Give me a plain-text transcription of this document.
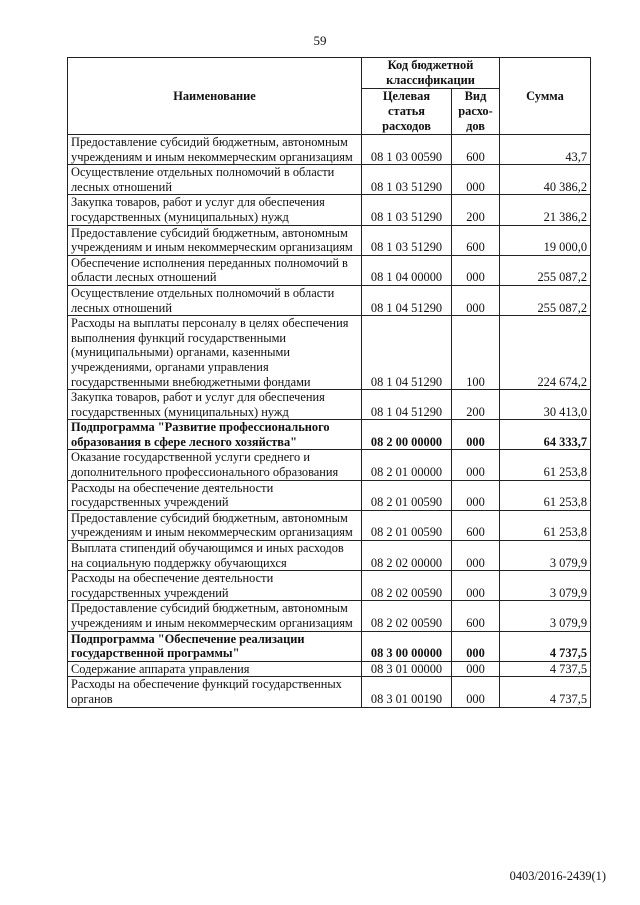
59
Наименование	Код бюджетной классификации		Сумма
	Целевая статья расходов	Вид расхо-дов	
Предоставление субсидий бюджетным, автономным учреждениям и иным некоммерческим организациям	08 1 03 00590	600	43,7
Осуществление отдельных полномочий в области лесных отношений	08 1 03 51290	000	40 386,2
Закупка товаров, работ и услуг для обеспечения государственных (муниципальных) нужд	08 1 03 51290	200	21 386,2
Предоставление субсидий бюджетным, автономным учреждениям и иным некоммерческим организациям	08 1 03 51290	600	19 000,0
Обеспечение исполнения переданных полномочий в области лесных отношений	08 1 04 00000	000	255 087,2
Осуществление отдельных полномочий в области лесных отношений	08 1 04 51290	000	255 087,2
Расходы на выплаты персоналу в целях обеспечения выполнения функций государственными (муниципальными) органами, казенными учреждениями, органами управления государственными внебюджетными фондами	08 1 04 51290	100	224 674,2
Закупка товаров, работ и услуг для обеспечения государственных (муниципальных) нужд	08 1 04 51290	200	30 413,0
Подпрограмма "Развитие профессионального образования в сфере лесного хозяйства"	08 2 00 00000	000	64 333,7
Оказание государственной услуги среднего и дополнительного профессионального образования	08 2 01 00000	000	61 253,8
Расходы на обеспечение деятельности государственных учреждений	08 2 01 00590	000	61 253,8
Предоставление субсидий бюджетным, автономным учреждениям и иным некоммерческим организациям	08 2 01 00590	600	61 253,8
Выплата стипендий обучающимся и иных расходов на социальную поддержку обучающихся	08 2 02 00000	000	3 079,9
Расходы на обеспечение деятельности государственных учреждений	08 2 02 00590	000	3 079,9
Предоставление субсидий бюджетным, автономным учреждениям и иным некоммерческим организациям	08 2 02 00590	600	3 079,9
Подпрограмма "Обеспечение реализации государственной программы"	08 3 00 00000	000	4 737,5
Содержание аппарата управления	08 3 01 00000	000	4 737,5
Расходы на обеспечение функций государственных органов	08 3 01 00190	000	4 737,5
0403/2016-2439(1)
